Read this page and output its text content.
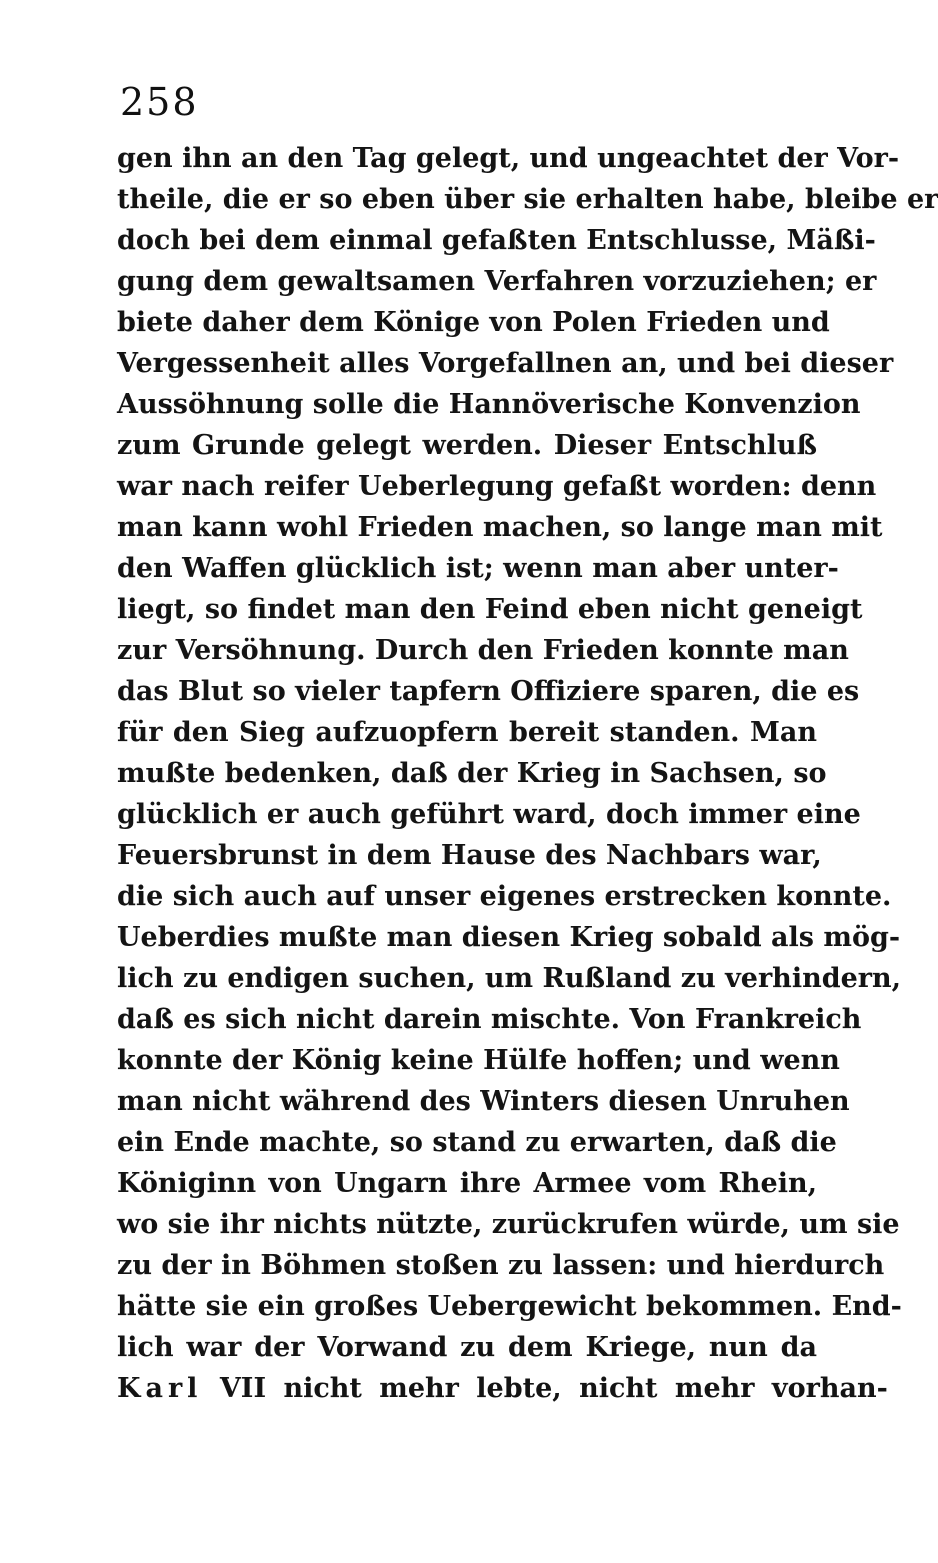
258
gen ihn an den Tag gelegt, und ungeachtet der Vor-
theile, die er so eben über sie erhalten habe, bleibe er
doch bei dem einmal gefaßten Entschlusse, Mäßi-
gung dem gewaltsamen Verfahren vorzuziehen; er
biete daher dem Könige von Polen Frieden und
Vergessenheit alles Vorgefallnen an, und bei dieser
Aussöhnung solle die Hannöverische Konvenzion
zum Grunde gelegt werden. Dieser Entschluß
war nach reifer Ueberlegung gefaßt worden: denn
man kann wohl Frieden machen, so lange man mit
den Waffen glücklich ist; wenn man aber unter-
liegt, so findet man den Feind eben nicht geneigt
zur Versöhnung. Durch den Frieden konnte man
das Blut so vieler tapfern Offiziere sparen, die es
für den Sieg aufzuopfern bereit standen. Man
mußte bedenken, daß der Krieg in Sachsen, so
glücklich er auch geführt ward, doch immer eine
Feuersbrunst in dem Hause des Nachbars war,
die sich auch auf unser eigenes erstrecken konnte.
Ueberdies mußte man diesen Krieg sobald als mög-
lich zu endigen suchen, um Rußland zu verhindern,
daß es sich nicht darein mischte. Von Frankreich
konnte der König keine Hülfe hoffen; und wenn
man nicht während des Winters diesen Unruhen
ein Ende machte, so stand zu erwarten, daß die
Königinn von Ungarn ihre Armee vom Rhein,
wo sie ihr nichts nützte, zurückrufen würde, um sie
zu der in Böhmen stoßen zu lassen: und hierdurch
hätte sie ein großes Uebergewicht bekommen. End-
lich war der Vorwand zu dem Kriege, nun da
Karl VII nicht mehr lebte, nicht mehr vorhan-
